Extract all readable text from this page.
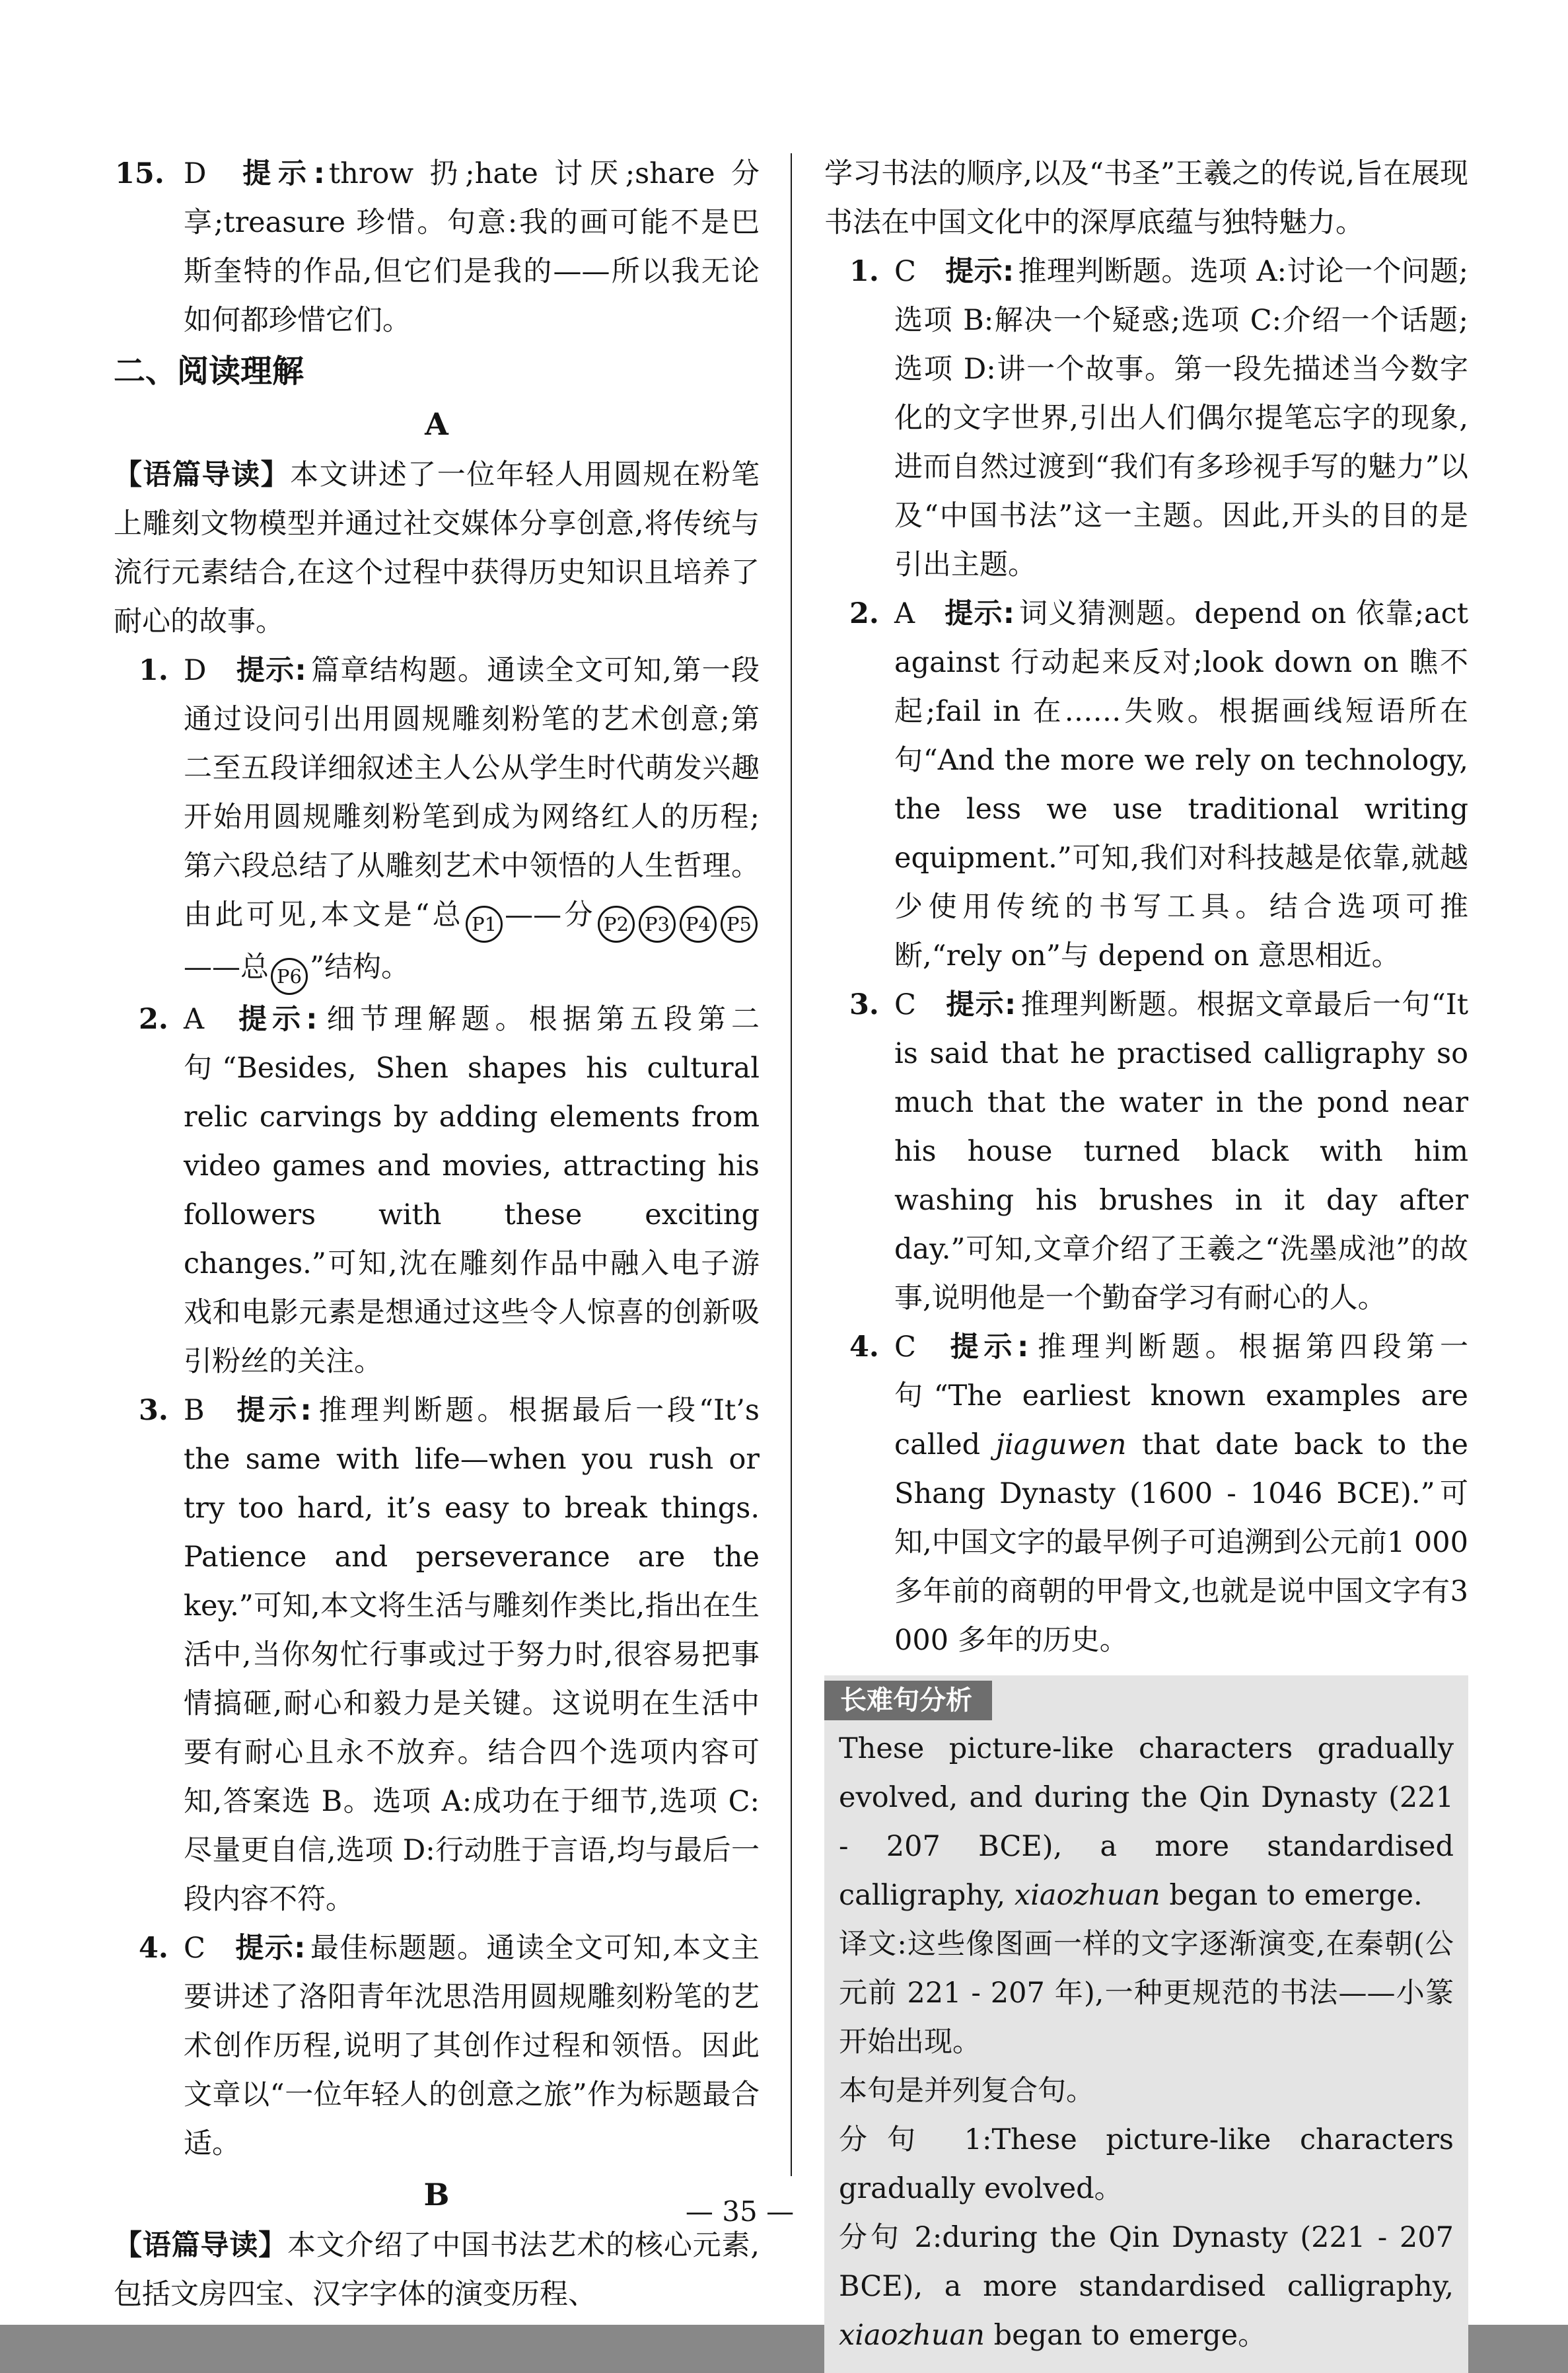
15. D 提示: throw 扔;hate 讨厌;share 分享;treasure 珍惜。句意:我的画可能不是巴斯奎特的作品,但它们是我的——所以我无论如何都珍惜它们。
二、阅读理解
A

【语篇导读】本文讲述了一位年轻人用圆规在粉笔上雕刻文物模型并通过社交媒体分享创意,将传统与流行元素结合,在这个过程中获得历史知识且培养了耐心的故事。

1. D 提示: 篇章结构题。通读全文可知,第一段通过设问引出用圆规雕刻粉笔的艺术创意;第二至五段详细叙述主人公从学生时代萌发兴趣开始用圆规雕刻粉笔到成为网络红人的历程;第六段总结了从雕刻艺术中领悟的人生哲理。由此可见,本文是“总 P1 ——分 P2 P3 P4 P5——总 P6 ”结构。
2. A 提示: 细节理解题。根据第五段第二句“Besides, Shen shapes his cultural relic carvings by adding elements from video games and movies, attracting his followers with these exciting changes.”可知,沈在雕刻作品中融入电子游戏和电影元素是想通过这些令人惊喜的创新吸引粉丝的关注。
3. B 提示: 推理判断题。根据最后一段“It’s the same with life—when you rush or try too hard, it’s easy to break things. Patience and perseverance are the key.”可知,本文将生活与雕刻作类比,指出在生活中,当你匆忙行事或过于努力时,很容易把事情搞砸,耐心和毅力是关键。这说明在生活中要有耐心且永不放弃。结合四个选项内容可知,答案选 B。选项 A:成功在于细节,选项 C:尽量更自信,选项 D:行动胜于言语,均与最后一段内容不符。
4. C 提示: 最佳标题题。通读全文可知,本文主要讲述了洛阳青年沈思浩用圆规雕刻粉笔的艺术创作历程,说明了其创作过程和领悟。因此文章以“一位年轻人的创意之旅”作为标题最合适。
B

【语篇导读】本文介绍了中国书法艺术的核心元素,包括文房四宝、汉字字体的演变历程、

学习书法的顺序,以及“书圣”王羲之的传说,旨在展现书法在中国文化中的深厚底蕴与独特魅力。

1. C 提示: 推理判断题。选项 A:讨论一个问题;选项 B:解决一个疑惑;选项 C:介绍一个话题;选项 D:讲一个故事。第一段先描述当今数字化的文字世界,引出人们偶尔提笔忘字的现象,进而自然过渡到“我们有多珍视手写的魅力”以及“中国书法”这一主题。因此,开头的目的是引出主题。
2. A 提示: 词义猜测题。depend on 依靠;act against 行动起来反对;look down on 瞧不起;fail in 在……失败。根据画线短语所在句“And the more we rely on technology, the less we use traditional writing equipment.”可知,我们对科技越是依靠,就越少使用传统的书写工具。结合选项可推断,“rely on”与 depend on 意思相近。
3. C 提示: 推理判断题。根据文章最后一句“It is said that he practised calligraphy so much that the water in the pond near his house turned black with him washing his brushes in it day after day.”可知,文章介绍了王羲之“洗墨成池”的故事,说明他是一个勤奋学习有耐心的人。
4. C 提示: 推理判断题。根据第四段第一句“The earliest known examples are called jiaguwen that date back to the Shang Dynasty (1600 - 1046 BCE).”可知,中国文字的最早例子可追溯到公元前1 000 多年前的商朝的甲骨文,也就是说中国文字有3 000 多年的历史。
长难句分析

These picture-like characters gradually evolved, and during the Qin Dynasty (221 - 207 BCE), a more standardised calligraphy, xiaozhuan began to emerge.

译文:这些像图画一样的文字逐渐演变,在秦朝(公元前 221 - 207 年),一种更规范的书法——小篆开始出现。

本句是并列复合句。

分句 1:These picture-like characters gradually evolved。

分句 2:during the Qin Dynasty (221 - 207 BCE), a more standardised calligraphy, xiaozhuan began to emerge。

— 35 —
